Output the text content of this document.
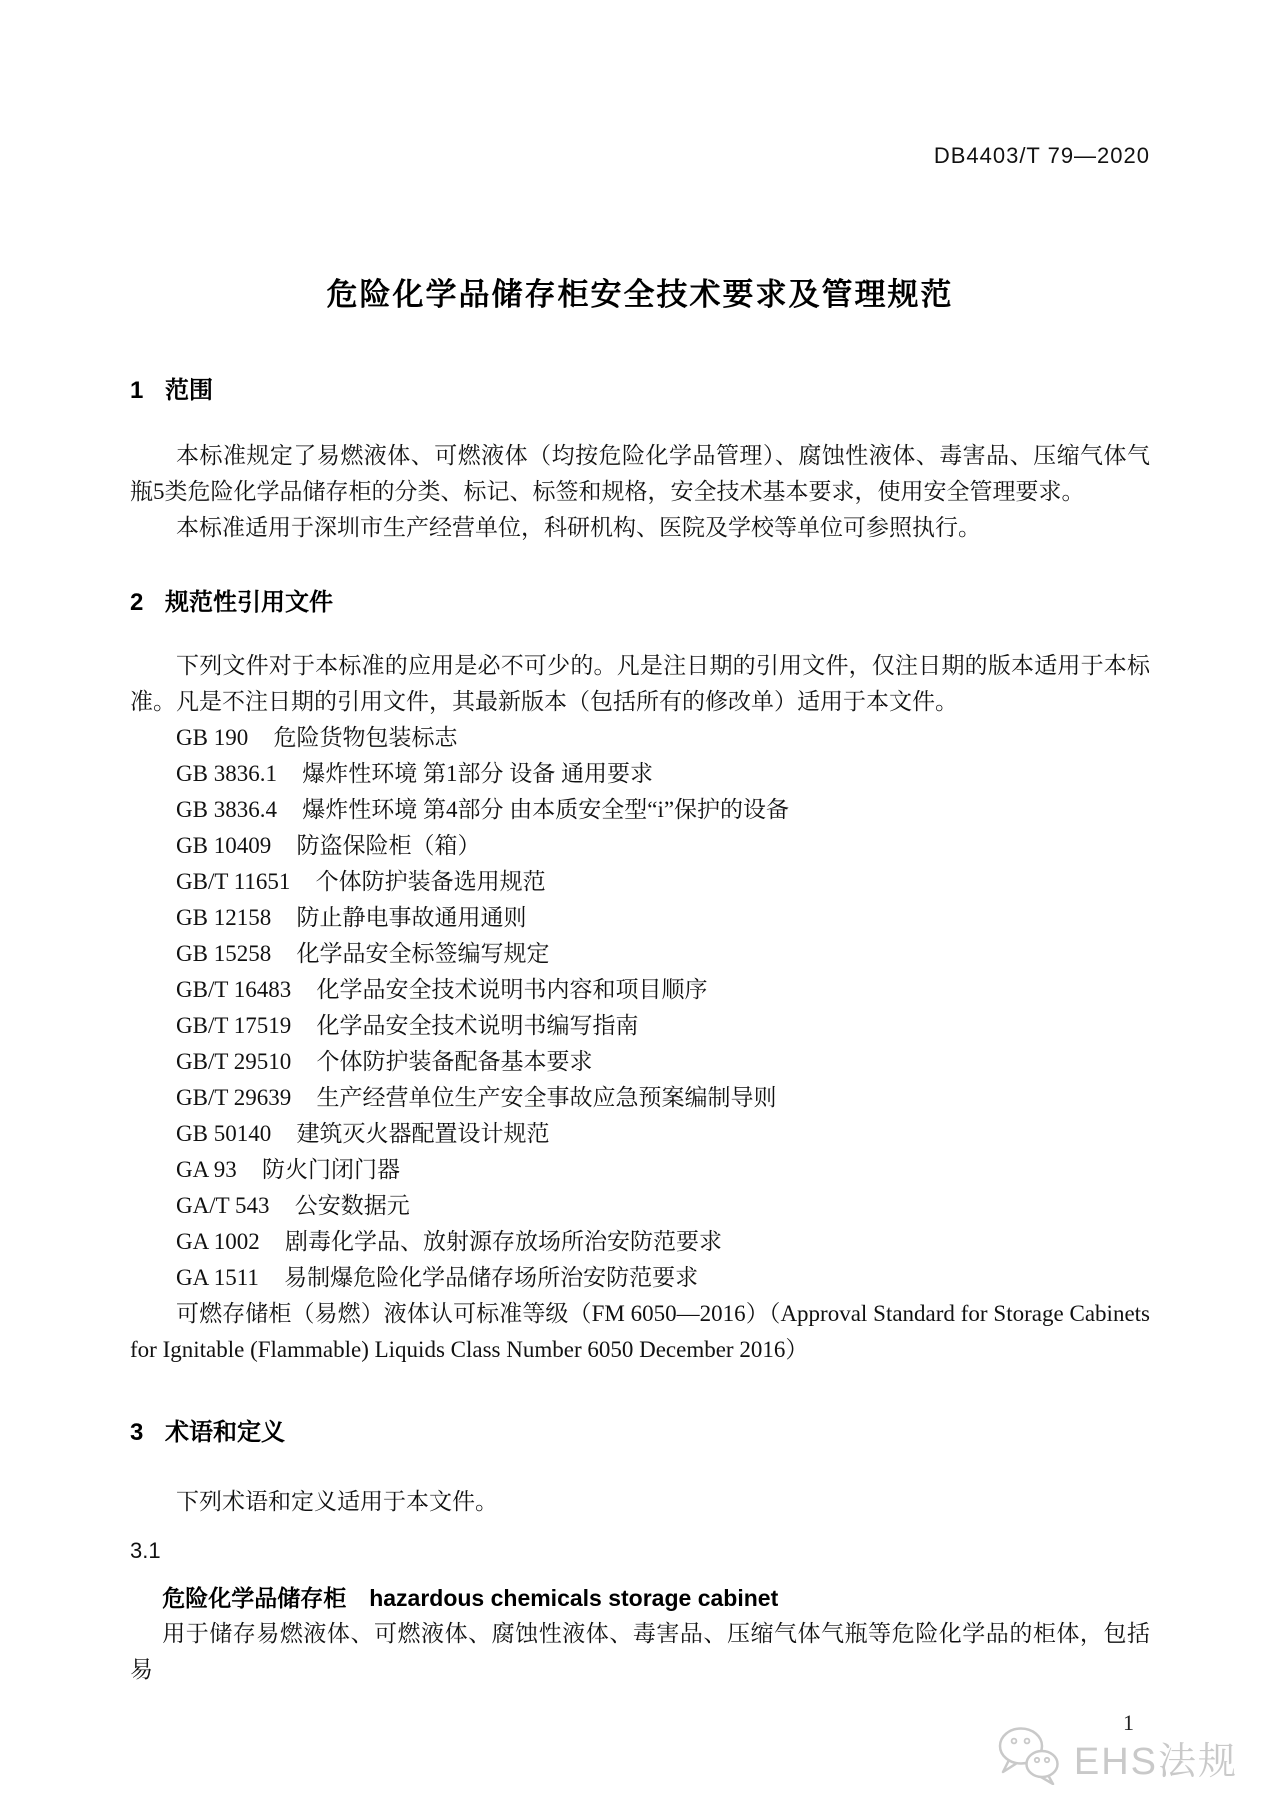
DB4403/T 79—2020
危险化学品储存柜安全技术要求及管理规范
1 范围

本标准规定了易燃液体、可燃液体（均按危险化学品管理）、腐蚀性液体、毒害品、压缩气体气瓶5类危险化学品储存柜的分类、标记、标签和规格，安全技术基本要求，使用安全管理要求。

本标准适用于深圳市生产经营单位，科研机构、医院及学校等单位可参照执行。

2 规范性引用文件

下列文件对于本标准的应用是必不可少的。凡是注日期的引用文件，仅注日期的版本适用于本标准。凡是不注日期的引用文件，其最新版本（包括所有的修改单）适用于本文件。

GB 190 危险货物包装标志
GB 3836.1 爆炸性环境 第1部分 设备 通用要求
GB 3836.4 爆炸性环境 第4部分 由本质安全型“i”保护的设备
GB 10409 防盗保险柜（箱）
GB/T 11651 个体防护装备选用规范
GB 12158 防止静电事故通用通则
GB 15258 化学品安全标签编写规定
GB/T 16483 化学品安全技术说明书内容和项目顺序
GB/T 17519 化学品安全技术说明书编写指南
GB/T 29510 个体防护装备配备基本要求
GB/T 29639 生产经营单位生产安全事故应急预案编制导则
GB 50140 建筑灭火器配置设计规范
GA 93 防火门闭门器
GA/T 543 公安数据元
GA 1002 剧毒化学品、放射源存放场所治安防范要求
GA 1511 易制爆危险化学品储存场所治安防范要求

可燃存储柜（易燃）液体认可标准等级（FM 6050—2016）（Approval Standard for Storage Cabinets for Ignitable (Flammable) Liquids Class Number 6050 December 2016）

3 术语和定义

下列术语和定义适用于本文件。

3.1
危险化学品储存柜 hazardous chemicals storage cabinet

用于储存易燃液体、可燃液体、腐蚀性液体、毒害品、压缩气体气瓶等危险化学品的柜体，包括易

1
EHS法规
